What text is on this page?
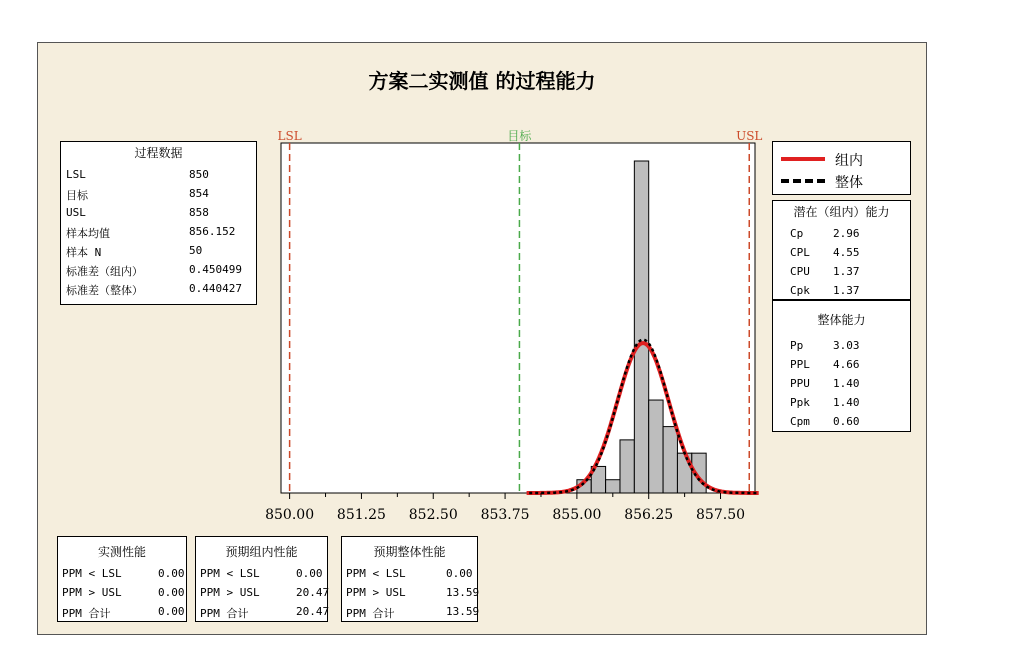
方案二实测值 的过程能力
过程数据
LSL	850
目标	854
USL	858
样本均值	856.152
样本 N	50
标准差（组内）	0.450499
标准差（整体）	0.440427
组内
整体
潜在（组内）能力
Cp	2.96
CPL 4.55
CPU 1.37
Cpk 1.37
整体能力
Pp	3.03
PPL 4.66
PPU 1.40
Ppk 1.40
Cpm 0.60
实测性能
PPM < LSL	0.00
PPM > USL	0.00
PPM 合计	0.00
预期组内性能
PPM < LSL	0.00
PPM > USL	20.47
PPM 合计	20.47
预期整体性能
PPM < LSL	0.00
PPM > USL	13.59
PPM 合计	13.59
LSL	目标	USL
850.00 851.25 852.50 853.75 855.00 856.25 857.50
